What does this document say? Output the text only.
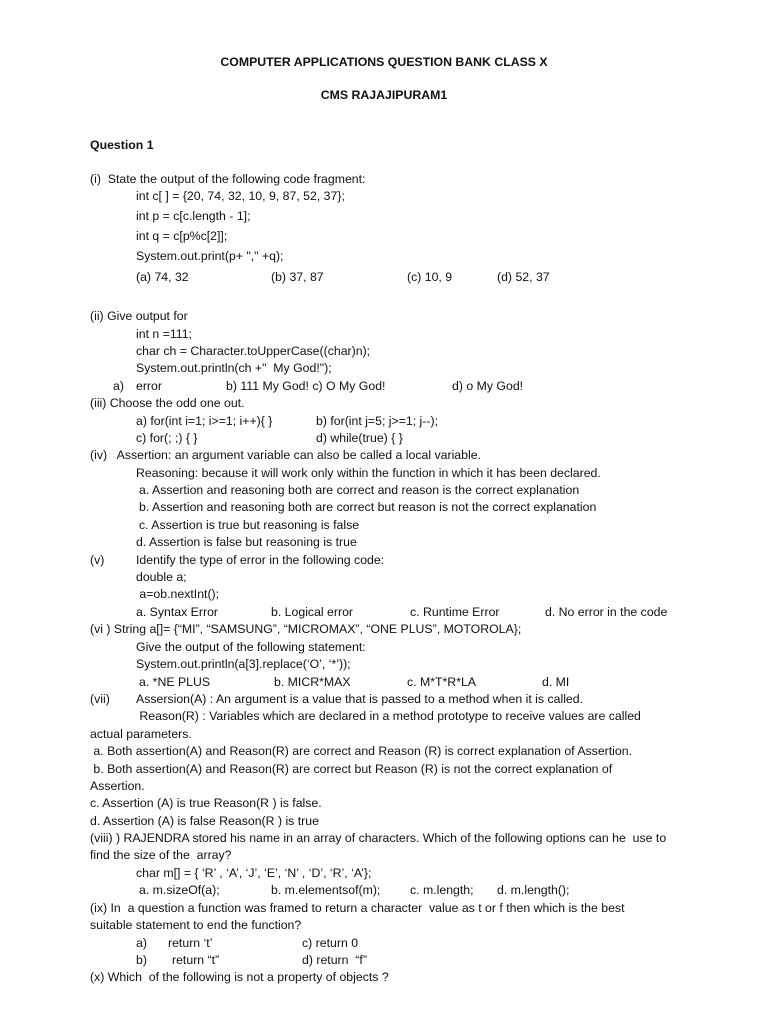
COMPUTER APPLICATIONS QUESTION BANK CLASS X
CMS RAJAJIPURAM1
Question 1
(i)  State the output of the following code fragment:
int c[ ] = {20, 74, 32, 10, 9, 87, 52, 37};
int p = c[c.length - 1];
int q = c[p%c[2]];
System.out.print(p+ "," +q);
(a) 74, 32	(b) 37, 87	(c) 10, 9	(d) 52, 37
(ii) Give output for
int n =111;
char ch = Character.toUpperCase((char)n);
System.out.println(ch +"  My God!");
a) error	b) 111 My God! c) O My God!	d) o My God!
(iii) Choose the odd one out.
a) for(int i=1; i>=1; i++){ }	b) for(int j=5; j>=1; j--);
c) for(; ;) { }	d) while(true) { }
(iv)   Assertion: an argument variable can also be called a local variable.
Reasoning: because it will work only within the function in which it has been declared.
a. Assertion and reasoning both are correct and reason is the correct explanation
b. Assertion and reasoning both are correct but reason is not the correct explanation
c. Assertion is true but reasoning is false
d. Assertion is false but reasoning is true
(v)	Identify the type of error in the following code:
double a;
a=ob.nextInt();
a. Syntax Error	b. Logical error	c. Runtime Error	d. No error in the code
(vi ) String a[]= {“MI”, “SAMSUNG”, “MICROMAX”, “ONE PLUS”, MOTOROLA};
Give the output of the following statement:
System.out.println(a[3].replace(‘O’, ‘*’));
a. *NE PLUS	b. MICR*MAX	c. M*T*R*LA	d. MI
(vii) Assersion(A) : An argument is a value that is passed to a method when it is called.
Reason(R) : Variables which are declared in a method prototype to receive values are called
actual parameters.
a. Both assertion(A) and Reason(R) are correct and Reason (R) is correct explanation of Assertion.
b. Both assertion(A) and Reason(R) are correct but Reason (R) is not the correct explanation of
Assertion.
c. Assertion (A) is true Reason(R ) is false.
d. Assertion (A) is false Reason(R ) is true
(viii) ) RAJENDRA stored his name in an array of characters. Which of the following options can he  use to
find the size of the  array?
char m[] = { ‘R’ , ‘A’, ‘J’, ‘E’, ‘N’ , ‘D’, ‘R’, ‘A’};
a. m.sizeOf(a);	b. m.elementsof(m); c. m.length; d. m.length();
(ix) In  a question a function was framed to return a character  value as t or f then which is the best
suitable statement to end the function?
a) return ‘t’	c) return 0
b) return “t”	d) return  “f”
(x) Which  of the following is not a property of objects ?
